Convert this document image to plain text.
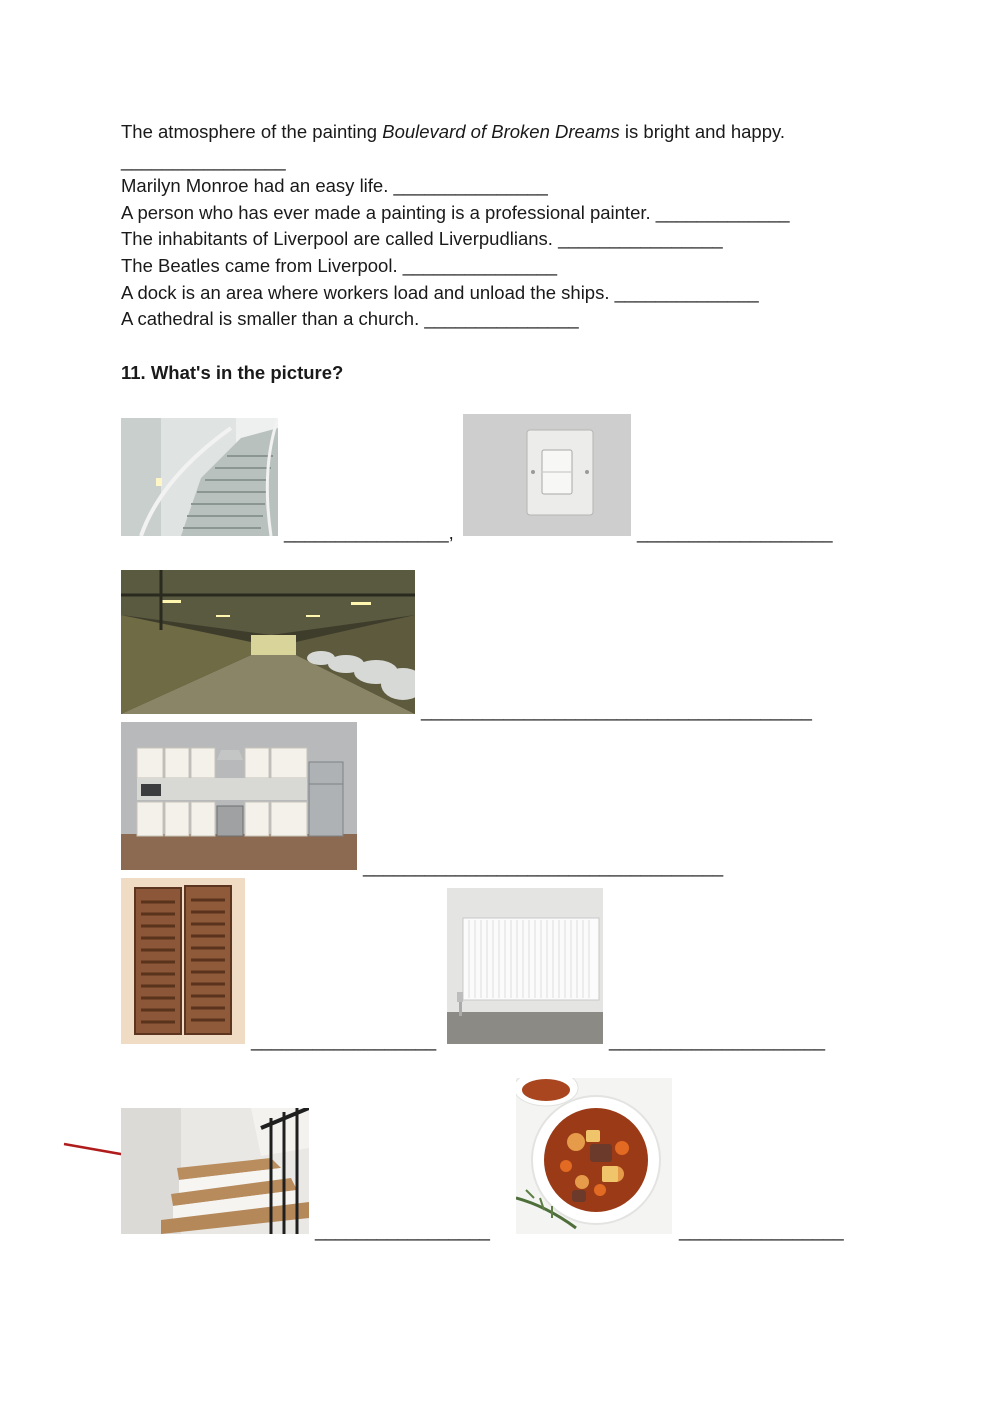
The atmosphere of the painting Boulevard of Broken Dreams is bright and happy.
________________
Marilyn Monroe had an easy life. _______________
A person who has ever made a painting is a professional painter. _____________
The inhabitants of Liverpool are called Liverpudlians. ________________
The Beatles came from Liverpool. _______________
A dock is an area where workers load and unload the ships. ______________
A cathedral is smaller than a church. _______________
11. What's in the picture?
________________,	___________________
______________________________________
___________________________________
__________________	_____________________
_________________	________________
